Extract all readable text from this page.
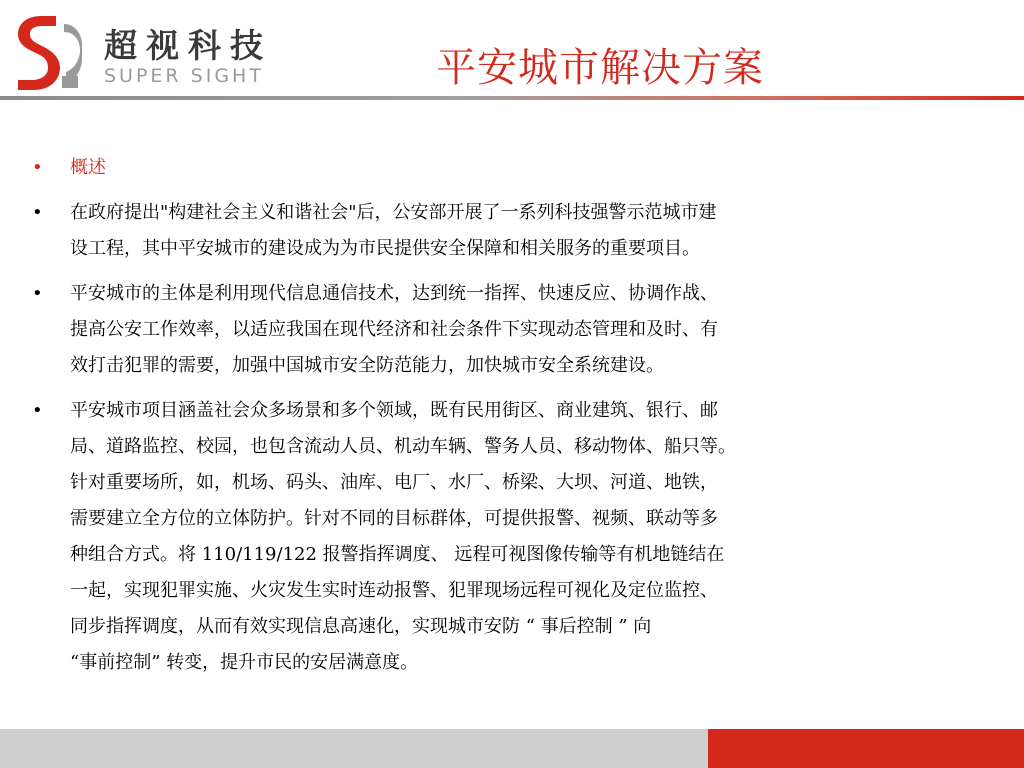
超视科技
SUPER SIGHT	平安城市解决方案
• 概述
• 在政府提出"构建社会主义和谐社会"后，公安部开展了一系列科技强警示范城市建
设工程，其中平安城市的建设成为为市民提供安全保障和相关服务的重要项目。
• 平安城市的主体是利用现代信息通信技术，达到统一指挥、快速反应、协调作战、
提高公安工作效率，以适应我国在现代经济和社会条件下实现动态管理和及时、有
效打击犯罪的需要，加强中国城市安全防范能力，加快城市安全系统建设。
• 平安城市项目涵盖社会众多场景和多个领域，既有民用街区、商业建筑、银行、邮
局、道路监控、校园，也包含流动人员、机动车辆、警务人员、移动物体、船只等。
针对重要场所，如，机场、码头、油库、电厂、水厂、桥梁、大坝、河道、地铁，
需要建立全方位的立体防护。针对不同的目标群体，可提供报警、视频、联动等多
种组合方式。将 110/119/122 报警指挥调度、 远程可视图像传输等有机地链结在
一起，实现犯罪实施、火灾发生实时连动报警、犯罪现场远程可视化及定位监控、
同步指挥调度，从而有效实现信息高速化，实现城市安防 “ 事后控制 ” 向
“事前控制” 转变，提升市民的安居满意度。
